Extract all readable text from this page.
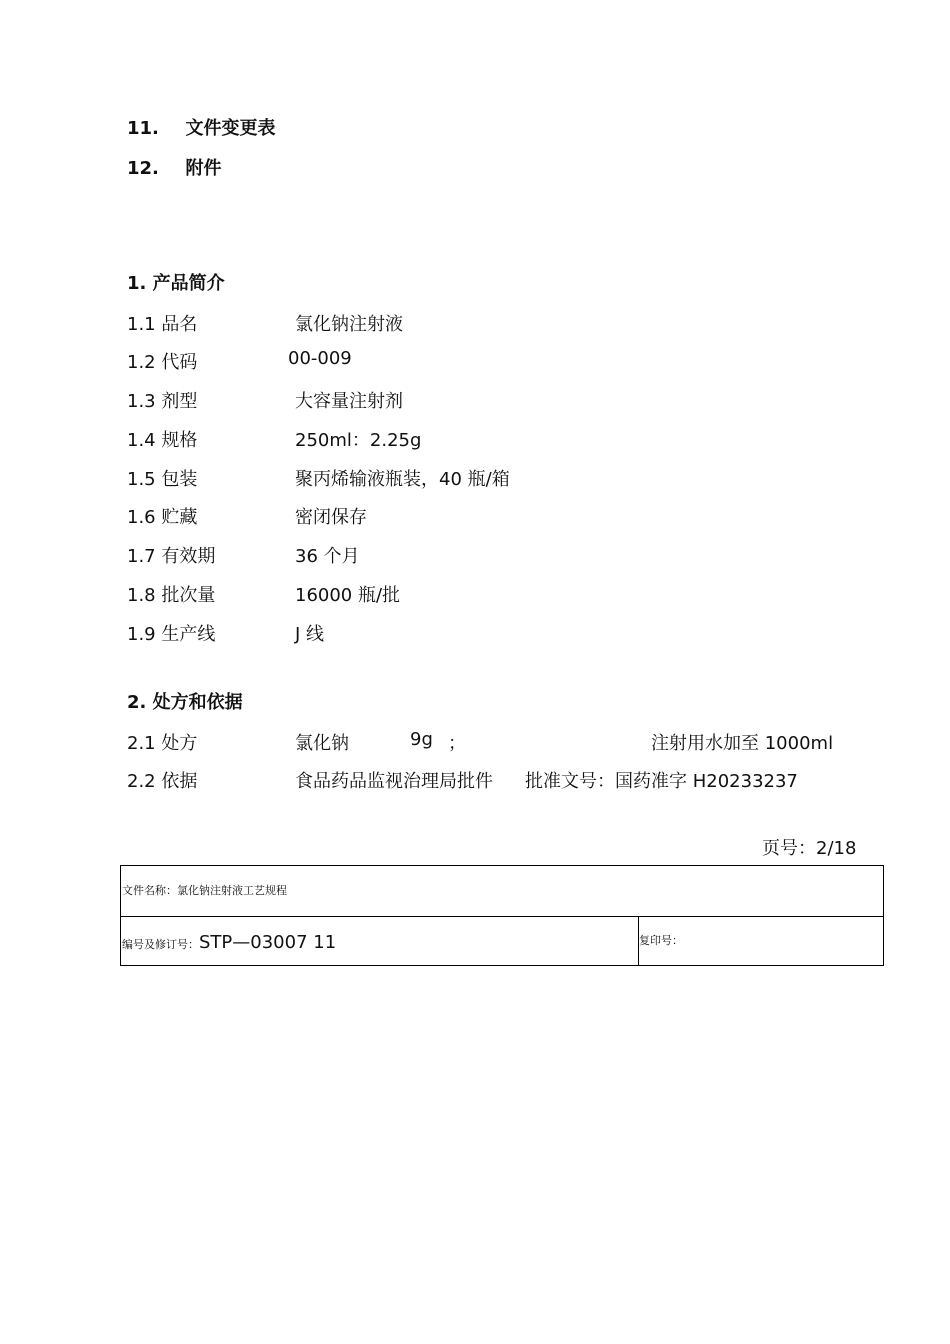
11. 文件变更表
12. 附件
1. 产品简介
1.1 品名	氯化钠注射液
1.2 代码	00-009
1.3 剂型	大容量注射剂
1.4 规格	250ml：2.25g
1.5 包装	聚丙烯输液瓶装，40 瓶/箱
1.6 贮藏	密闭保存
1.7 有效期	36 个月
1.8 批次量	16000 瓶/批
1.9 生产线	J 线
2. 处方和依据
2.1 处方	氯化钠	9g ；	注射用水加至 1000ml
2.2 依据	食品药品监视治理局批件 批准文号：国药准字 H20233237
页号：2/18
文件名称：氯化钠注射液工艺规程
编号及修订号：STP—03007 11	复印号：
